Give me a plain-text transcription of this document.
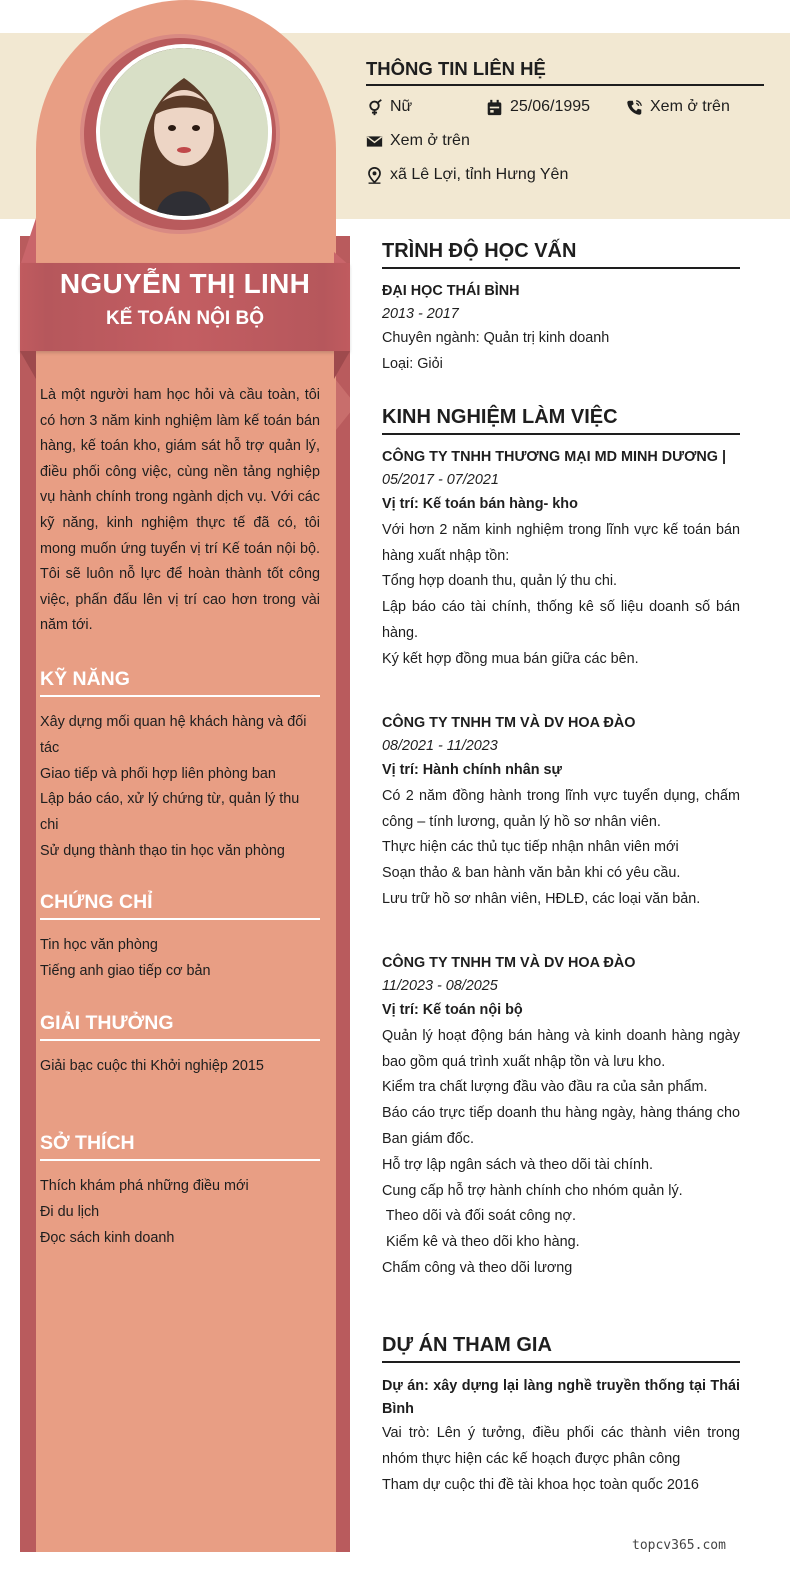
NGUYỄN THỊ LINH
KẾ TOÁN NỘI BỘ

Là một người ham học hỏi và cầu toàn, tôi có hơn 3 năm kinh nghiệm làm kế toán bán hàng, kế toán kho, giám sát hỗ trợ quản lý, điều phối công việc, cùng nền tảng nghiệp vụ hành chính trong ngành dịch vụ. Với các kỹ năng, kinh nghiệm thực tế đã có, tôi mong muốn ứng tuyển vị trí Kế toán nội bộ. Tôi sẽ luôn nỗ lực để hoàn thành tốt công việc, phấn đấu lên vị trí cao hơn trong vài năm tới.

KỸ NĂNG
Xây dựng mối quan hệ khách hàng và đối tác
Giao tiếp và phối hợp liên phòng ban
Lập báo cáo, xử lý chứng từ, quản lý thu chi
Sử dụng thành thạo tin học văn phòng
CHỨNG CHỈ
Tin học văn phòng
Tiếng anh giao tiếp cơ bản
GIẢI THƯỞNG
Giải bạc cuộc thi Khởi nghiệp 2015
SỞ THÍCH
Thích khám phá những điều mới
Đi du lịch
Đọc sách kinh doanh
THÔNG TIN LIÊN HỆ
Nữ	25/06/1995	Xem ở trên
Xem ở trên
xã Lê Lợi, tỉnh Hưng Yên
TRÌNH ĐỘ HỌC VẤN
ĐẠI HỌC THÁI BÌNH
2013 - 2017
Chuyên ngành: Quản trị kinh doanh
Loại: Giỏi
KINH NGHIỆM LÀM VIỆC
CÔNG TY TNHH THƯƠNG MẠI MD MINH DƯƠNG |
05/2017 - 07/2021
Vị trí: Kế toán bán hàng- kho
Với hơn 2 năm kinh nghiệm trong lĩnh vực kế toán bán hàng xuất nhập tồn:
Tổng hợp doanh thu, quản lý thu chi.
Lập báo cáo tài chính, thống kê số liệu doanh số bán hàng.
Ký kết hợp đồng mua bán giữa các bên.
CÔNG TY TNHH TM VÀ DV HOA ĐÀO
08/2021 - 11/2023
Vị trí: Hành chính nhân sự
Có 2 năm đồng hành trong lĩnh vực tuyển dụng, chấm công – tính lương, quản lý hồ sơ nhân viên.
Thực hiện các thủ tục tiếp nhận nhân viên mới
Soạn thảo & ban hành văn bản khi có yêu cầu.
Lưu trữ hồ sơ nhân viên, HĐLĐ, các loại văn bản.
CÔNG TY TNHH TM VÀ DV HOA ĐÀO
11/2023 - 08/2025
Vị trí: Kế toán nội bộ
Quản lý hoạt động bán hàng và kinh doanh hàng ngày bao gồm quá trình xuất nhập tồn và lưu kho.
Kiểm tra chất lượng đầu vào đầu ra của sản phẩm.
Báo cáo trực tiếp doanh thu hàng ngày, hàng tháng cho Ban giám đốc.
Hỗ trợ lập ngân sách và theo dõi tài chính.
Cung cấp hỗ trợ hành chính cho nhóm quản lý.
Theo dõi và đối soát công nợ.
Kiểm kê và theo dõi kho hàng.
Chấm công và theo dõi lương
DỰ ÁN THAM GIA
Dự án: xây dựng lại làng nghề truyền thống tại Thái Bình
Vai trò: Lên ý tưởng, điều phối các thành viên trong nhóm thực hiện các kế hoạch được phân công
Tham dự cuộc thi đề tài khoa học toàn quốc 2016
topcv365.com
